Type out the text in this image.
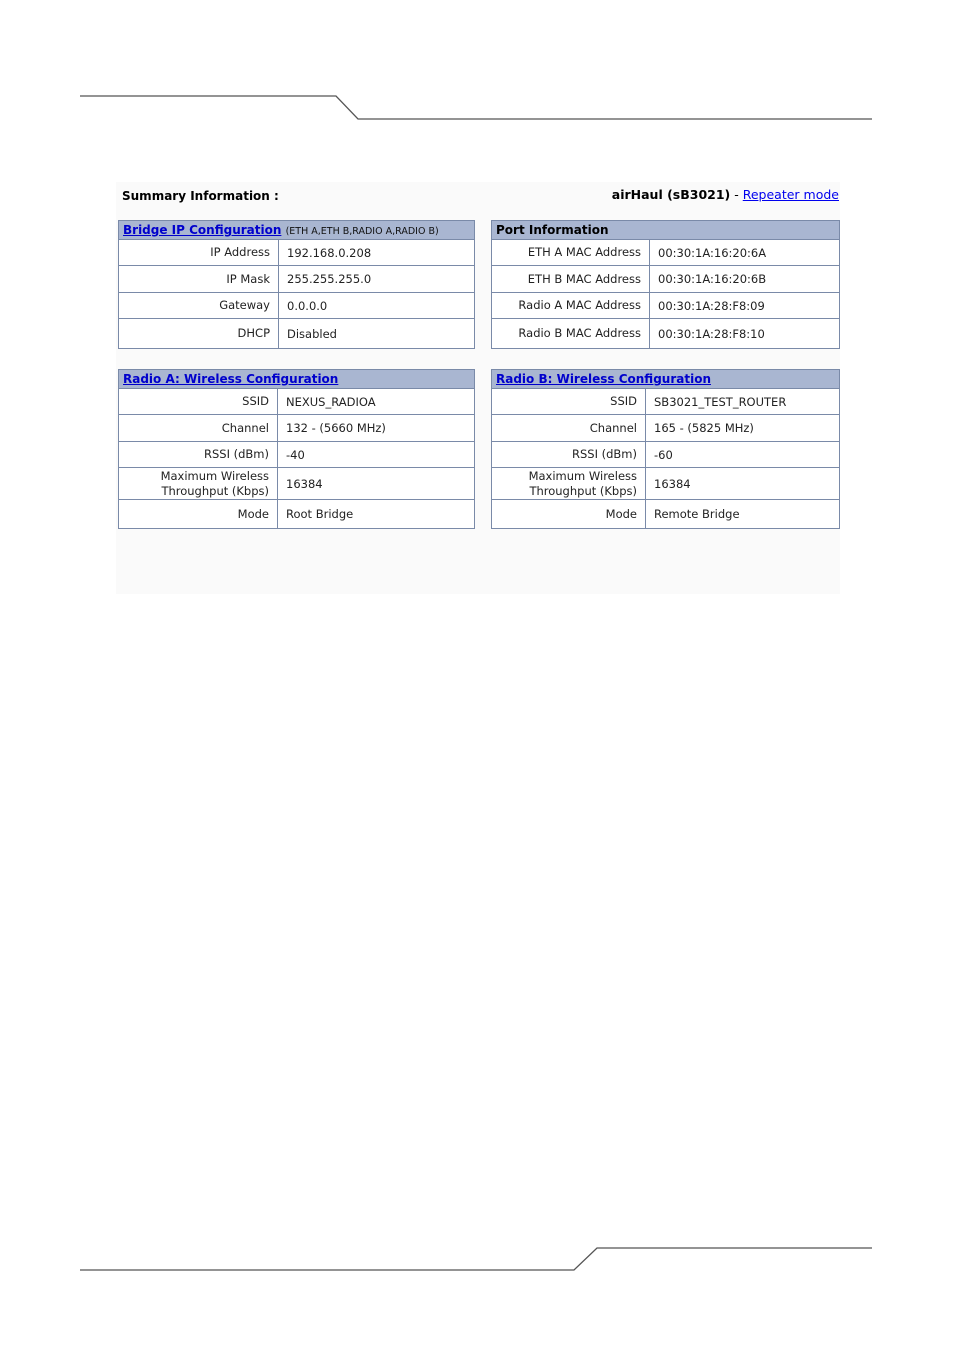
Summary Information :	airHaul (sB3021) - Repeater mode
Bridge IP Configuration (ETH A,ETH B,RADIO A,RADIO B)	
IP Address	192.168.0.208
IP Mask	255.255.255.0
Gateway	0.0.0.0
DHCP	Disabled
Port Information	
ETH A MAC Address	00:30:1A:16:20:6A
ETH B MAC Address	00:30:1A:16:20:6B
Radio A MAC Address	00:30:1A:28:F8:09
Radio B MAC Address	00:30:1A:28:F8:10
Radio A: Wireless Configuration	
SSID	NEXUS_RADIOA
Channel	132 - (5660 MHz)
RSSI (dBm)	-40
Maximum Wireless Throughput (Kbps)	16384
Mode	Root Bridge
Radio B: Wireless Configuration	
SSID	SB3021_TEST_ROUTER
Channel	165 - (5825 MHz)
RSSI (dBm)	-60
Maximum Wireless Throughput (Kbps)	16384
Mode	Remote Bridge
